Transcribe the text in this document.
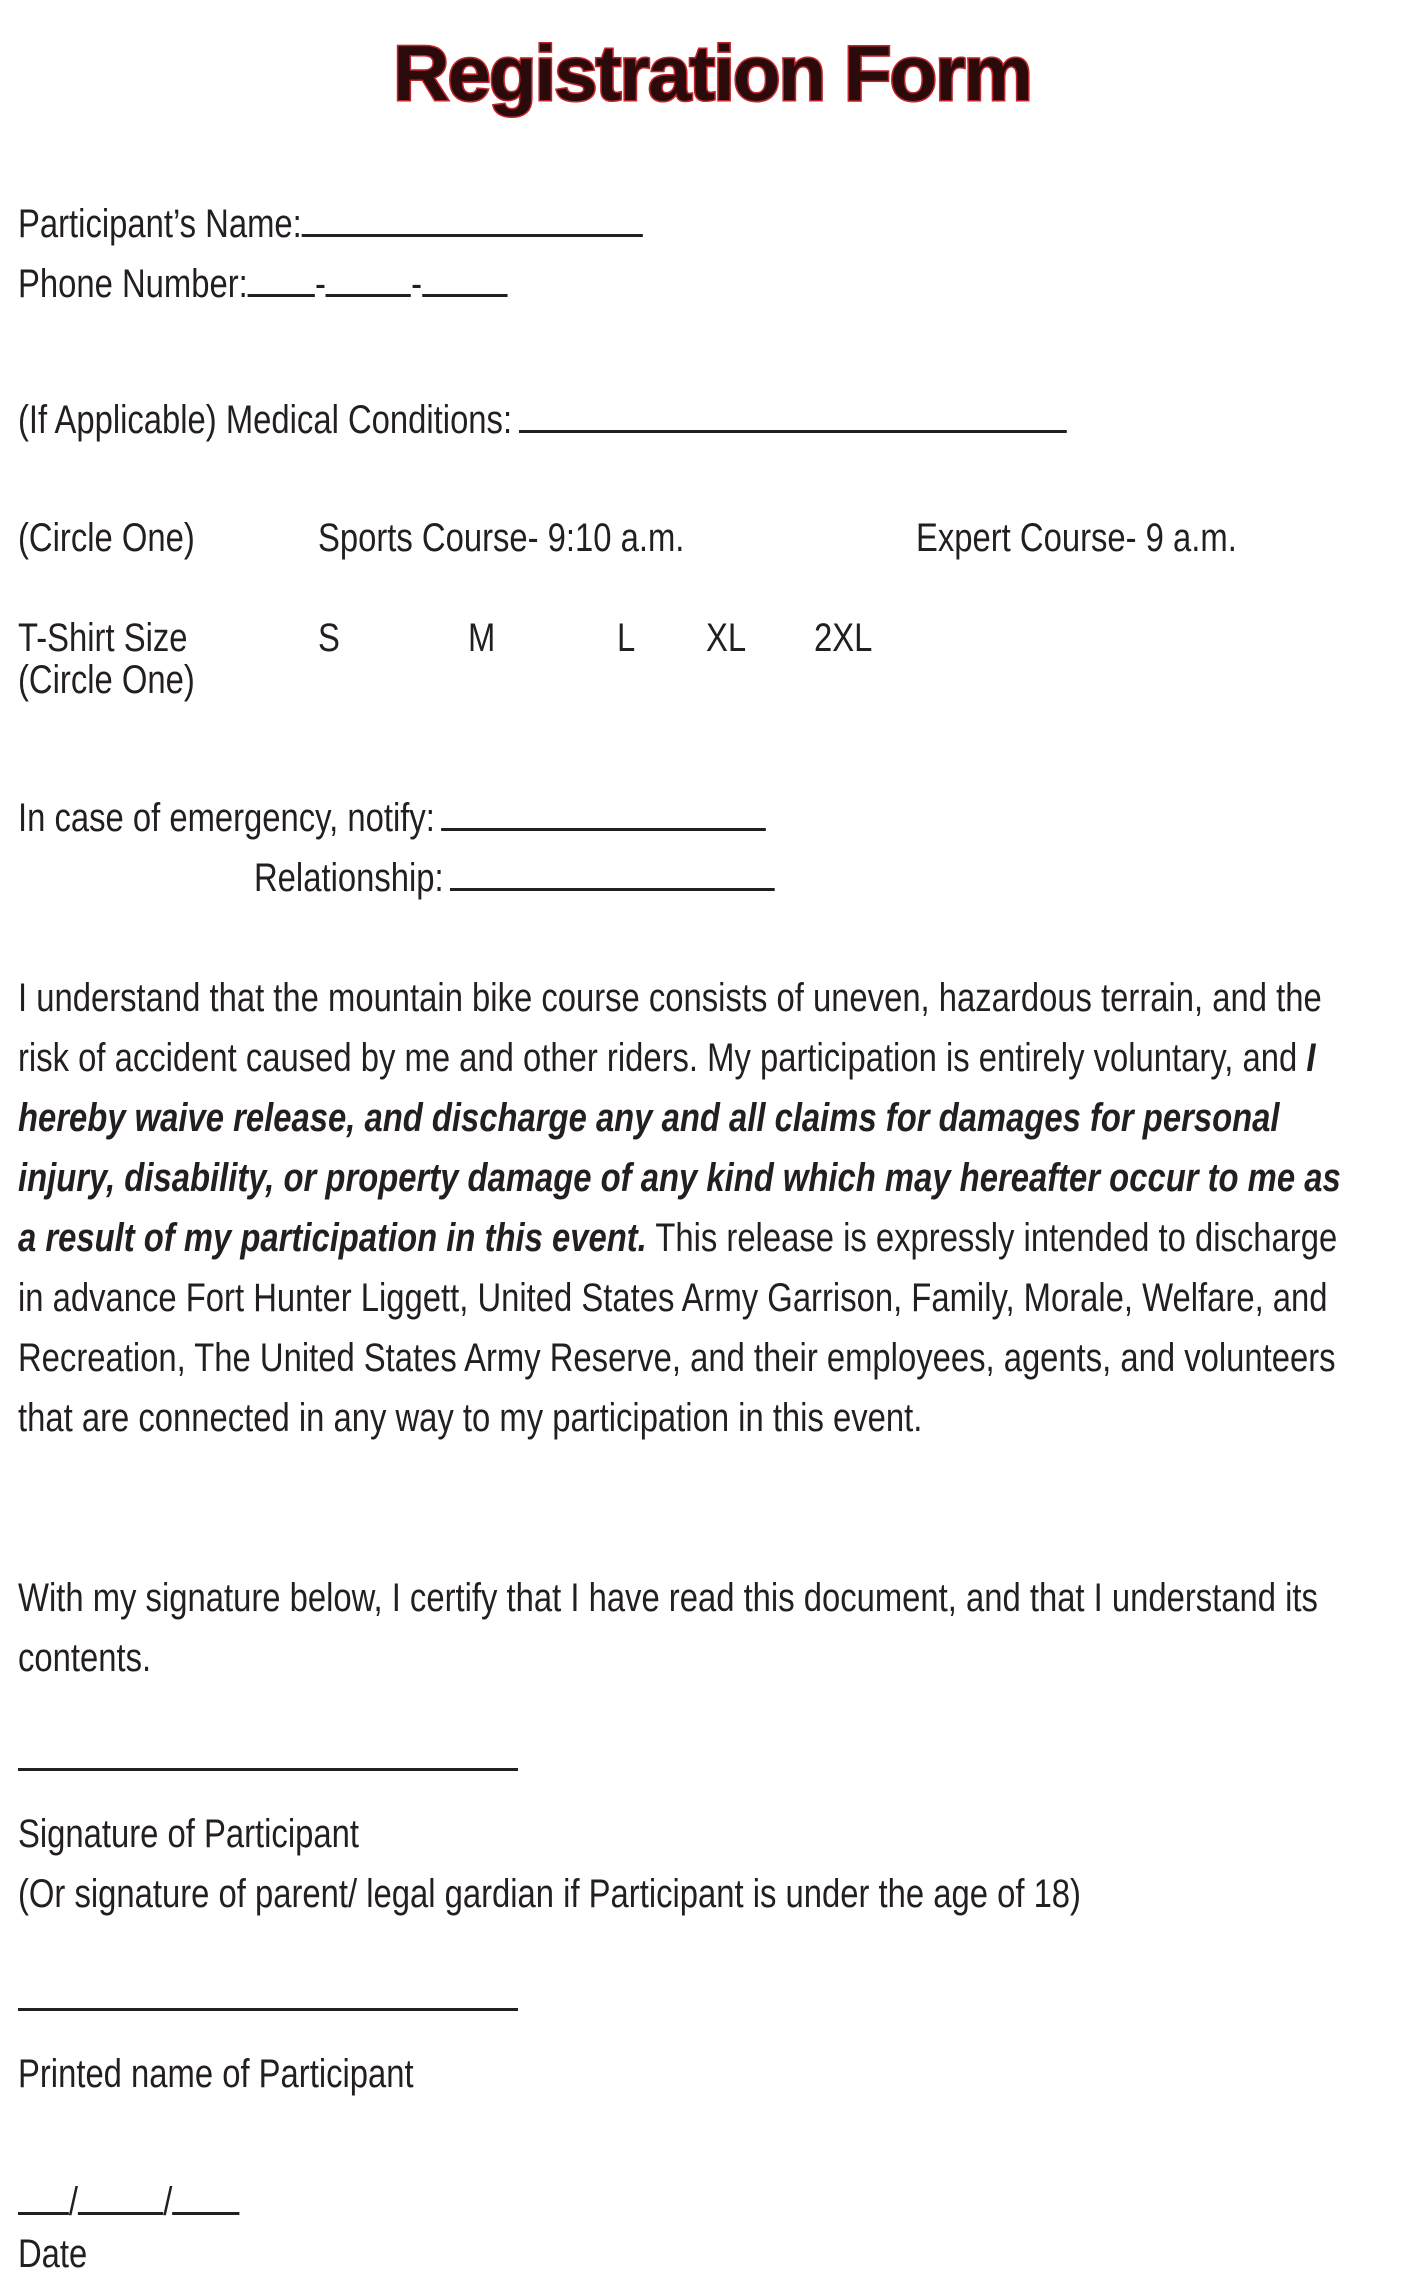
Registration Form
Participant’s Name:
Phone Number: - -
(If Applicable) Medical Conditions:
(Circle One)	Sports Course- 9:10 a.m.	Expert Course- 9 a.m.
T-Shirt Size
(Circle One)
S	M	L XL 2XL
In case of emergency, notify:
Relationship:
I understand that the mountain bike course consists of uneven, hazardous terrain, and the risk of accident caused by me and other riders. My participation is entirely voluntary, and I hereby waive release, and discharge any and all claims for damages for personal injury, disability, or property damage of any kind which may hereafter occur to me as a result of my participation in this event. This release is expressly intended to discharge in advance Fort Hunter Liggett, United States Army Garrison, Family, Morale, Welfare, and Recreation, The United States Army Reserve, and their employees, agents, and volunteers that are connected in any way to my participation in this event.
With my signature below, I certify that I have read this document, and that I understand its contents.
Signature of Participant
(Or signature of parent/ legal gardian if Participant is under the age of 18)
Printed name of Participant
/ /
Date
